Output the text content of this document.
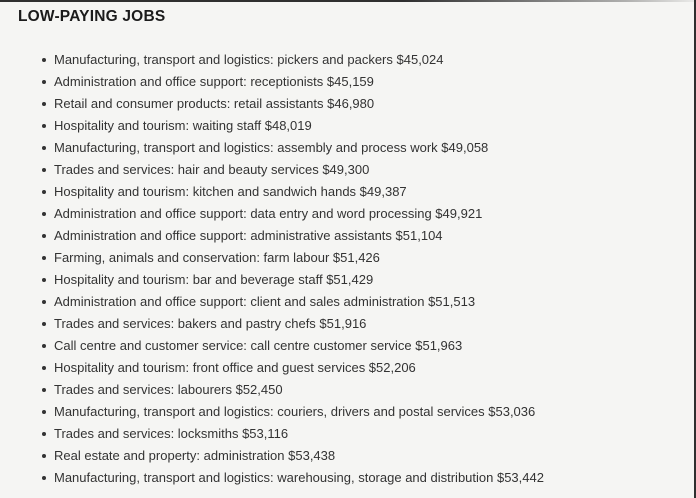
LOW-PAYING JOBS
Manufacturing, transport and logistics: pickers and packers $45,024
Administration and office support: receptionists $45,159
Retail and consumer products: retail assistants $46,980
Hospitality and tourism: waiting staff $48,019
Manufacturing, transport and logistics: assembly and process work $49,058
Trades and services: hair and beauty services $49,300
Hospitality and tourism: kitchen and sandwich hands $49,387
Administration and office support: data entry and word processing $49,921
Administration and office support: administrative assistants $51,104
Farming, animals and conservation: farm labour $51,426
Hospitality and tourism: bar and beverage staff $51,429
Administration and office support: client and sales administration $51,513
Trades and services: bakers and pastry chefs $51,916
Call centre and customer service: call centre customer service $51,963
Hospitality and tourism: front office and guest services $52,206
Trades and services: labourers $52,450
Manufacturing, transport and logistics: couriers, drivers and postal services $53,036
Trades and services: locksmiths $53,116
Real estate and property: administration $53,438
Manufacturing, transport and logistics: warehousing, storage and distribution $53,442
